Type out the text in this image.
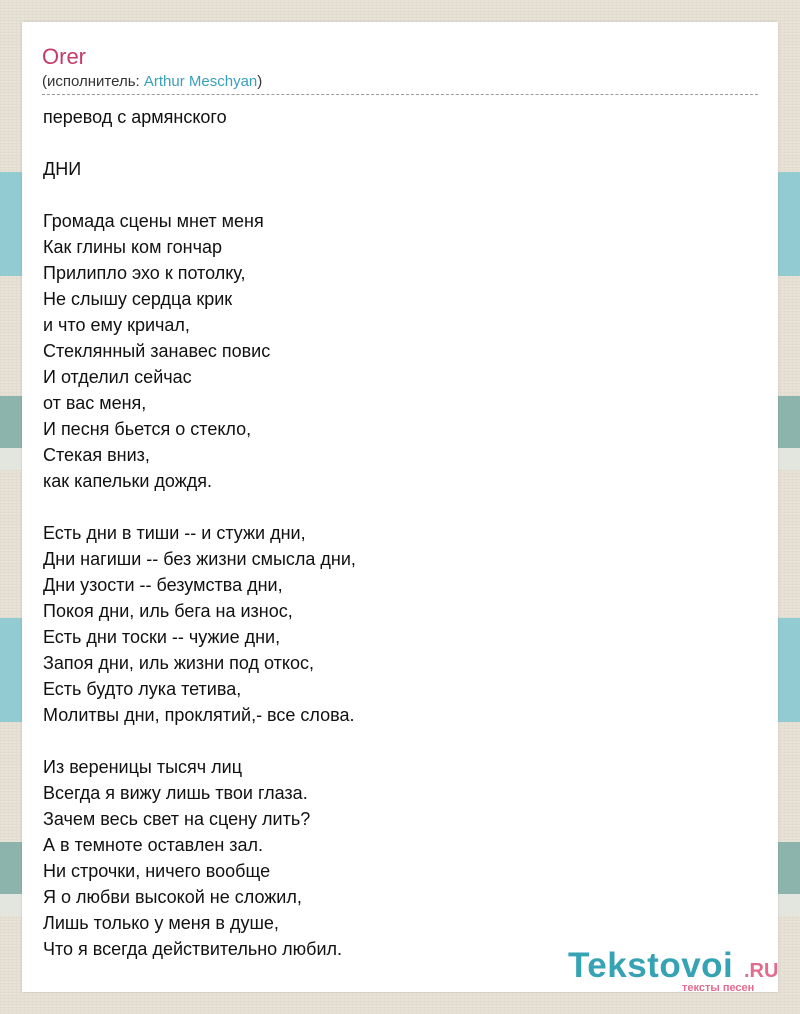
Orer
(исполнитель: Arthur Meschyan)
перевод с армянского
ДНИ
Громада сцены мнет меня
Как глины ком гончар
Прилипло эхо к потолку,
Не слышу сердца крик
и что ему кричал,
Стеклянный занавес повис
И отделил сейчас
от вас меня,
И песня бьется о стекло,
Стекая вниз,
как капельки дождя.
Есть дни в тиши -- и стужи дни,
Дни нагиши -- без жизни смысла дни,
Дни узости -- безумства дни,
Покоя дни, иль бега на износ,
Есть дни тоски -- чужие дни,
Запоя дни, иль жизни под откос,
Есть будто лука тетива,
Молитвы дни, проклятий,- все слова.
Из вереницы тысяч лиц
Всегда я вижу лишь твои глаза.
Зачем весь свет на сцену лить?
А в темноте оставлен зал.
Ни строчки, ничего вообще
Я о любви высокой не сложил,
Лишь только у меня в душе,
Что я всегда действительно любил.	Tekstovoi .RU
тексты песен
